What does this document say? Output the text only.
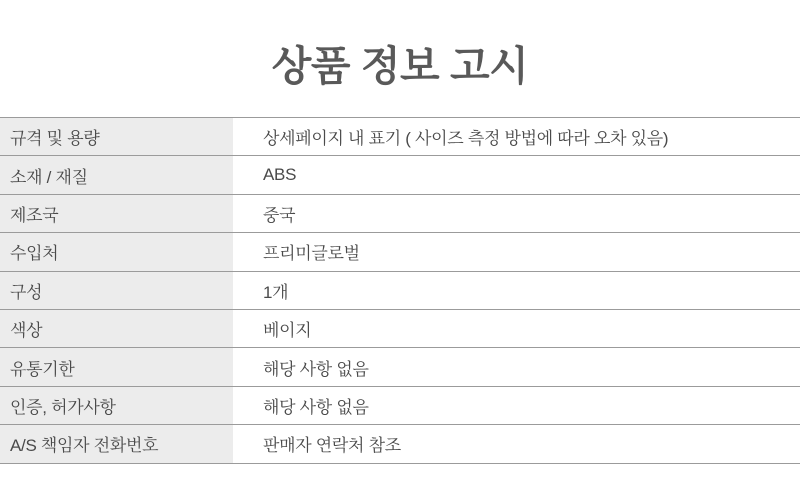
상품 정보 고시
규격 및 용량	상세페이지 내 표기 ( 사이즈 측정 방법에 따라 오차 있음)
소재 / 재질	ABS
제조국	중국
수입처	프리미글로벌
구성	1개
색상	베이지
유통기한	해당 사항 없음
인증, 허가사항	해당 사항 없음
A/S 책임자 전화번호	판매자 연락처 참조
